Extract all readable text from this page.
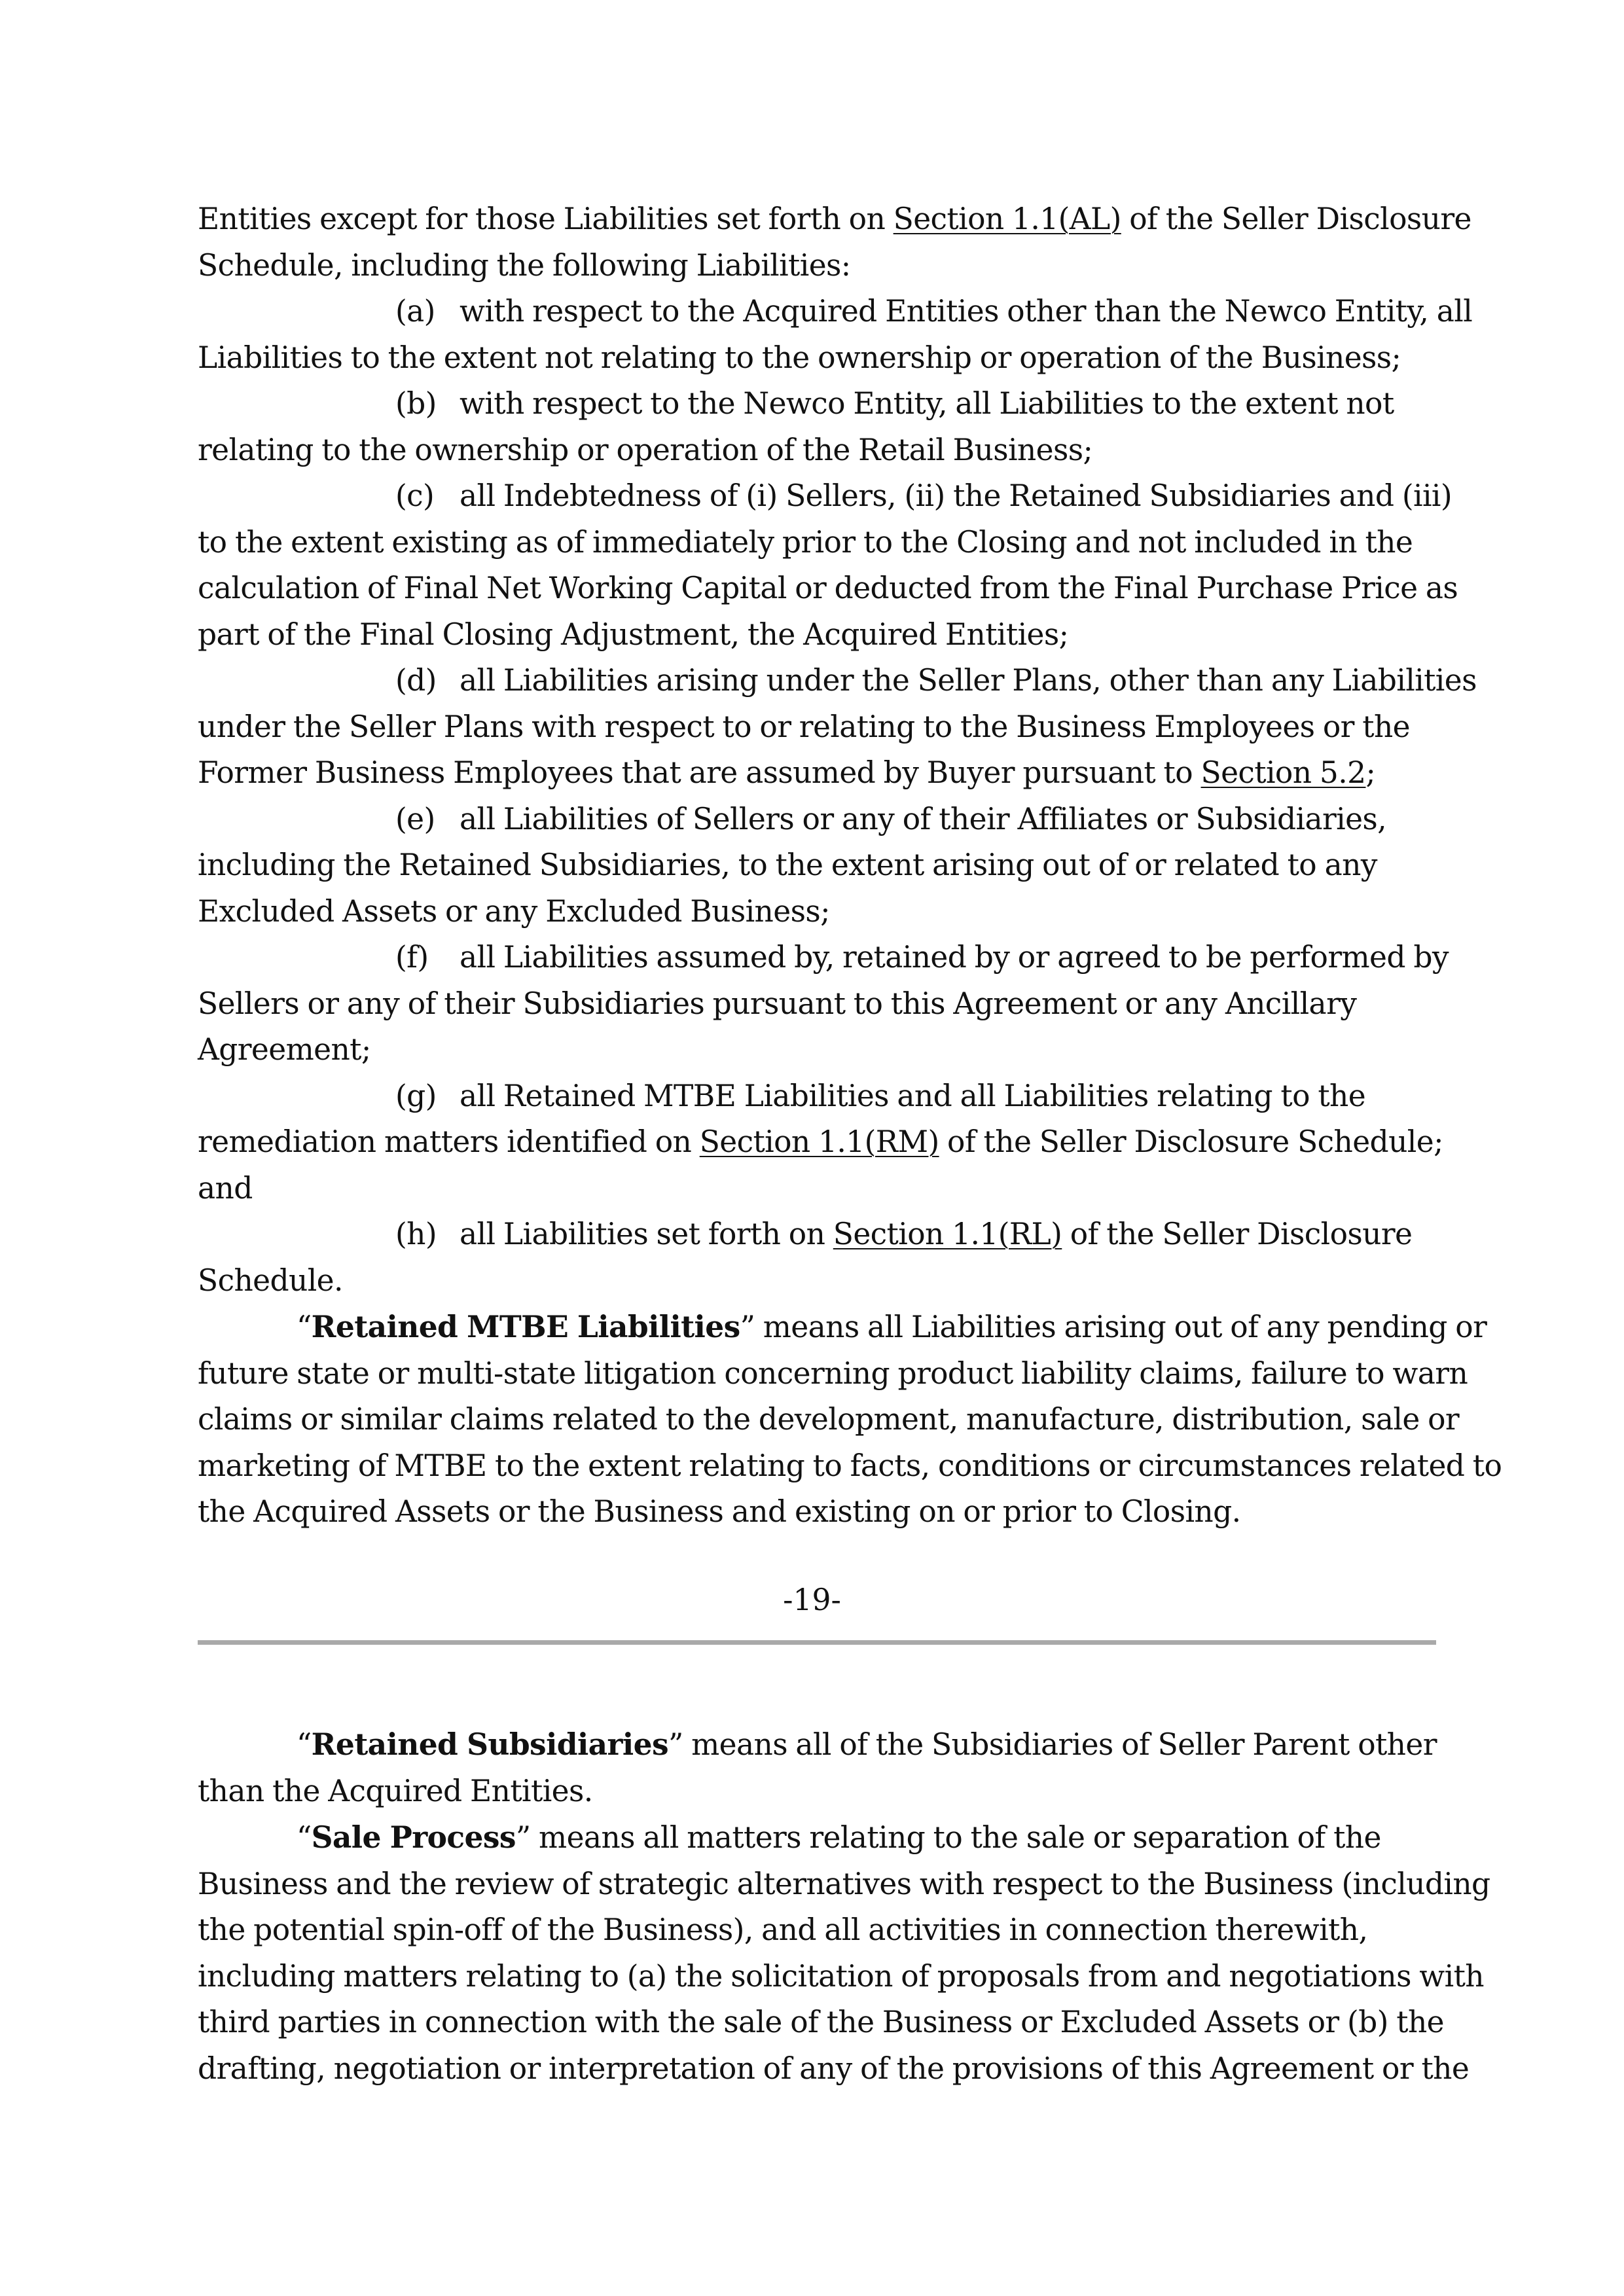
Entities except for those Liabilities set forth on Section 1.1(AL) of the Seller Disclosure
Schedule, including the following Liabilities:
(a) with respect to the Acquired Entities other than the Newco Entity, all
Liabilities to the extent not relating to the ownership or operation of the Business;
(b) with respect to the Newco Entity, all Liabilities to the extent not
relating to the ownership or operation of the Retail Business;
(c) all Indebtedness of (i) Sellers, (ii) the Retained Subsidiaries and (iii)
to the extent existing as of immediately prior to the Closing and not included in the
calculation of Final Net Working Capital or deducted from the Final Purchase Price as
part of the Final Closing Adjustment, the Acquired Entities;
(d) all Liabilities arising under the Seller Plans, other than any Liabilities
under the Seller Plans with respect to or relating to the Business Employees or the
Former Business Employees that are assumed by Buyer pursuant to Section 5.2;
(e) all Liabilities of Sellers or any of their Affiliates or Subsidiaries,
including the Retained Subsidiaries, to the extent arising out of or related to any
Excluded Assets or any Excluded Business;
(f) all Liabilities assumed by, retained by or agreed to be performed by
Sellers or any of their Subsidiaries pursuant to this Agreement or any Ancillary
Agreement;
(g) all Retained MTBE Liabilities and all Liabilities relating to the
remediation matters identified on Section 1.1(RM) of the Seller Disclosure Schedule;
and
(h) all Liabilities set forth on Section 1.1(RL) of the Seller Disclosure
Schedule.
“Retained MTBE Liabilities” means all Liabilities arising out of any pending or
future state or multi-state litigation concerning product liability claims, failure to warn
claims or similar claims related to the development, manufacture, distribution, sale or
marketing of MTBE to the extent relating to facts, conditions or circumstances related to
the Acquired Assets or the Business and existing on or prior to Closing.
-19-
“Retained Subsidiaries” means all of the Subsidiaries of Seller Parent other
than the Acquired Entities.
“Sale Process” means all matters relating to the sale or separation of the
Business and the review of strategic alternatives with respect to the Business (including
the potential spin-off of the Business), and all activities in connection therewith,
including matters relating to (a) the solicitation of proposals from and negotiations with
third parties in connection with the sale of the Business or Excluded Assets or (b) the
drafting, negotiation or interpretation of any of the provisions of this Agreement or the
